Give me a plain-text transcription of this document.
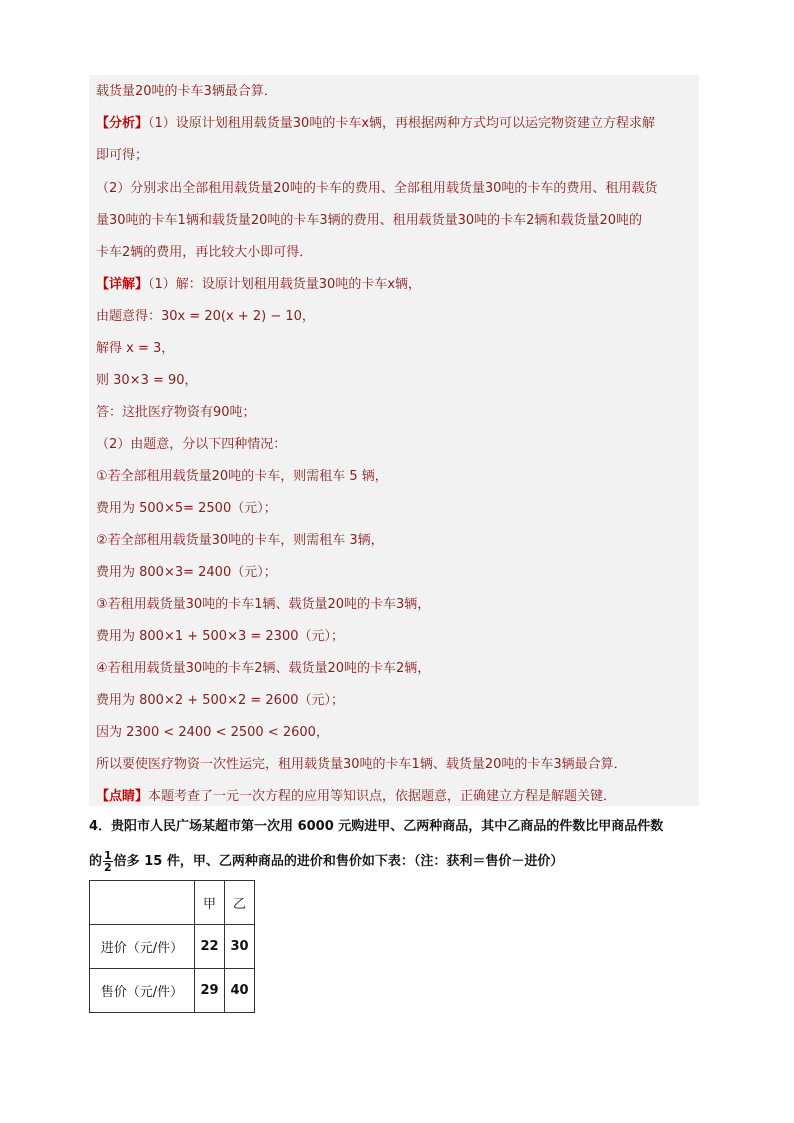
载货量20吨的卡车3辆最合算．
【分析】（1）设原计划租用载货量30吨的卡车x辆，再根据两种方式均可以运完物资建立方程求解
即可得；
（2）分别求出全部租用载货量20吨的卡车的费用、全部租用载货量30吨的卡车的费用、租用载货
量30吨的卡车1辆和载货量20吨的卡车3辆的费用、租用载货量30吨的卡车2辆和载货量20吨的
卡车2辆的费用，再比较大小即可得．
【详解】（1）解：设原计划租用载货量30吨的卡车x辆，
由题意得：30x = 20(x + 2) − 10，
解得 x = 3，
则 30×3 = 90，
答：这批医疗物资有90吨；
（2）由题意，分以下四种情况：
①若全部租用载货量20吨的卡车，则需租车 5 辆，
费用为 500×5= 2500（元）；
②若全部租用载货量30吨的卡车，则需租车 3辆，
费用为 800×3= 2400（元）；
③若租用载货量30吨的卡车1辆、载货量20吨的卡车3辆，
费用为 800×1 + 500×3 = 2300（元）；
④若租用载货量30吨的卡车2辆、载货量20吨的卡车2辆，
费用为 800×2 + 500×2 = 2600（元）；
因为 2300 < 2400 < 2500 < 2600，
所以要使医疗物资一次性运完，租用载货量30吨的卡车1辆、载货量20吨的卡车3辆最合算．
【点睛】本题考查了一元一次方程的应用等知识点，依据题意，正确建立方程是解题关键．
4．贵阳市人民广场某超市第一次用 6000 元购进甲、乙两种商品，其中乙商品的件数比甲商品件数
的 $\frac{1}{2}$ 倍多 15 件，甲、乙两种商品的进价和售价如下表：（注：获利＝售价－进价）
	甲	乙
进价（元/件）	22	30
售价（元/件）	29	40
